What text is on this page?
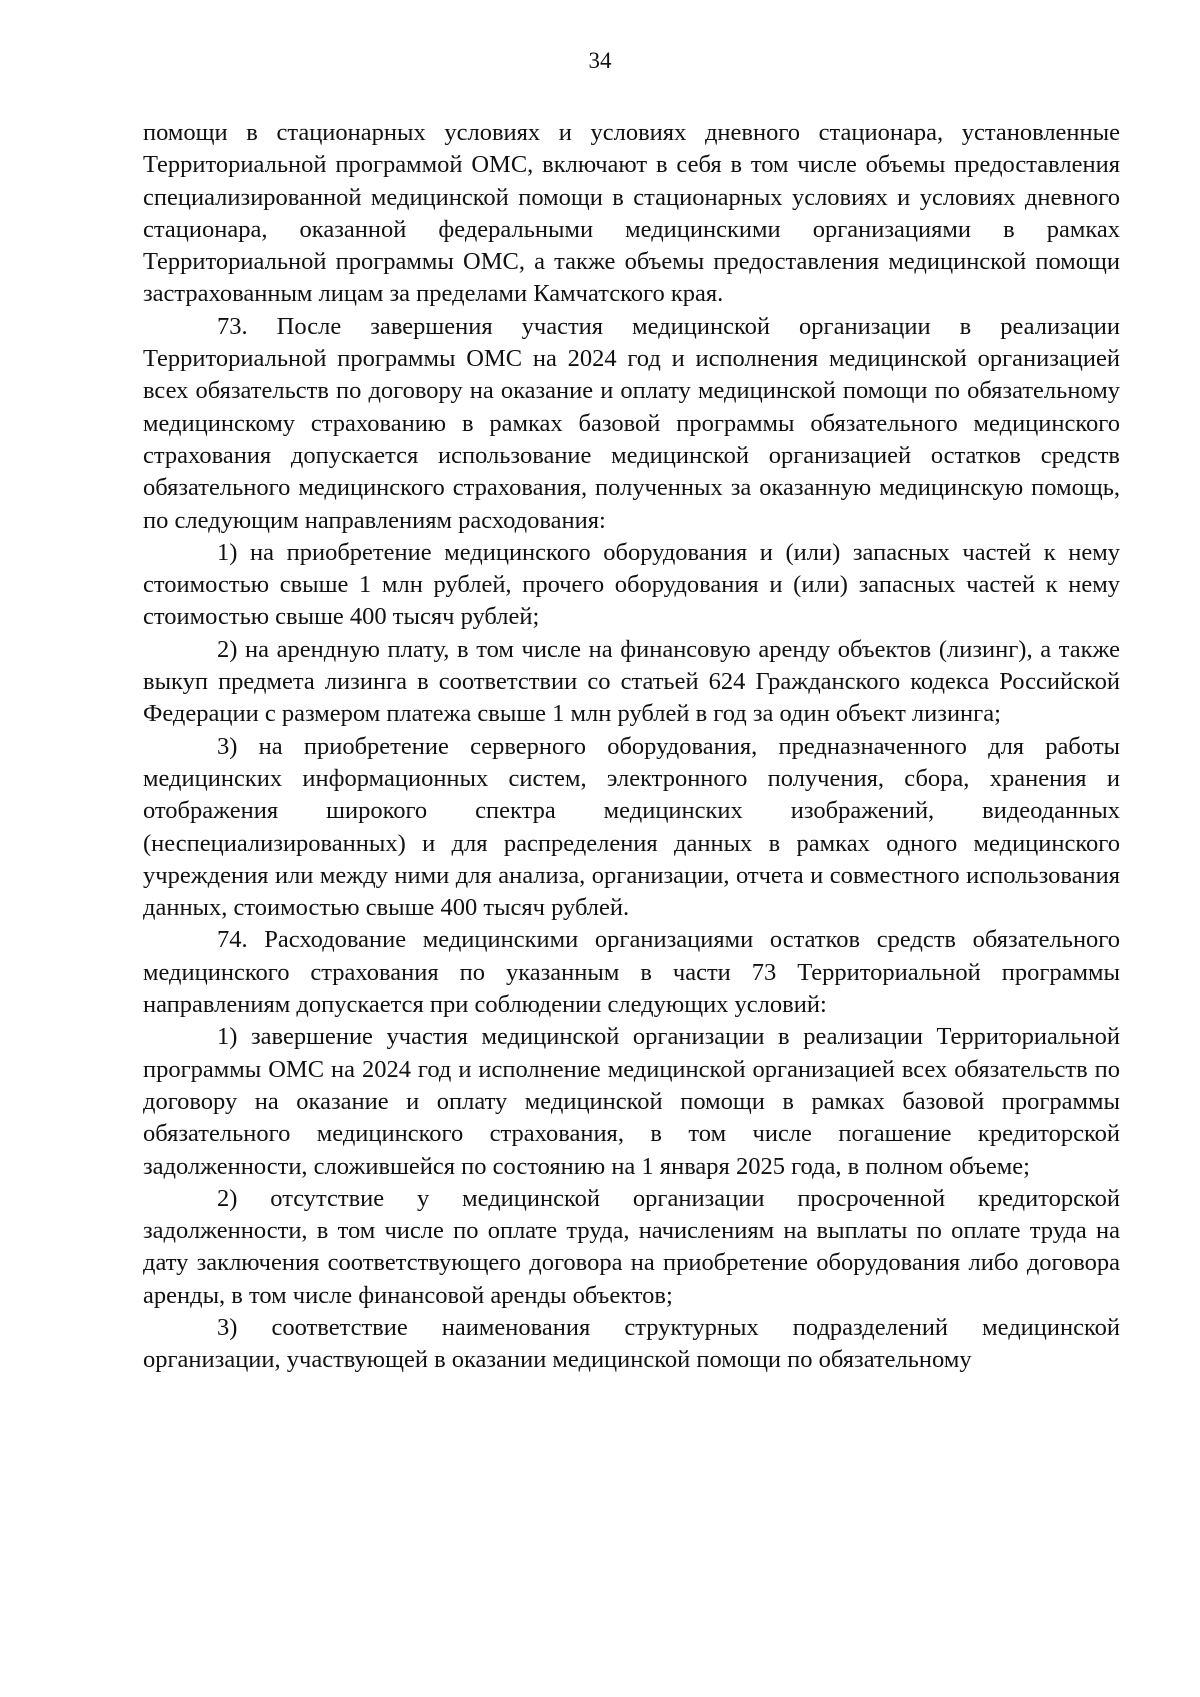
34

помощи в стационарных условиях и условиях дневного стационара, установленные Территориальной программой ОМС, включают в себя в том числе объемы предоставления специализированной медицинской помощи в стационарных условиях и условиях дневного стационара, оказанной федеральными медицинскими организациями в рамках Территориальной программы ОМС, а также объемы предоставления медицинской помощи застрахованным лицам за пределами Камчатского края.

73. После завершения участия медицинской организации в реализации Территориальной программы ОМС на 2024 год и исполнения медицинской организацией всех обязательств по договору на оказание и оплату медицинской помощи по обязательному медицинскому страхованию в рамках базовой программы обязательного медицинского страхования допускается использование медицинской организацией остатков средств обязательного медицинского страхования, полученных за оказанную медицинскую помощь, по следующим направлениям расходования:

1) на приобретение медицинского оборудования и (или) запасных частей к нему стоимостью свыше 1 млн рублей, прочего оборудования и (или) запасных частей к нему стоимостью свыше 400 тысяч рублей;

2) на арендную плату, в том числе на финансовую аренду объектов (лизинг), а также выкуп предмета лизинга в соответствии со статьей 624 Гражданского кодекса Российской Федерации с размером платежа свыше 1 млн рублей в год за один объект лизинга;

3) на приобретение серверного оборудования, предназначенного для работы медицинских информационных систем, электронного получения, сбора, хранения и отображения широкого спектра медицинских изображений, видеоданных (неспециализированных) и для распределения данных в рамках одного медицинского учреждения или между ними для анализа, организации, отчета и совместного использования данных, стоимостью свыше 400 тысяч рублей.

74. Расходование медицинскими организациями остатков средств обязательного медицинского страхования по указанным в части 73 Территориальной программы направлениям допускается при соблюдении следующих условий:

1) завершение участия медицинской организации в реализации Территориальной программы ОМС на 2024 год и исполнение медицинской организацией всех обязательств по договору на оказание и оплату медицинской помощи в рамках базовой программы обязательного медицинского страхования, в том числе погашение кредиторской задолженности, сложившейся по состоянию на 1 января 2025 года, в полном объеме;

2) отсутствие у медицинской организации просроченной кредиторской задолженности, в том числе по оплате труда, начислениям на выплаты по оплате труда на дату заключения соответствующего договора на приобретение оборудования либо договора аренды, в том числе финансовой аренды объектов;

3) соответствие наименования структурных подразделений медицинской организации, участвующей в оказании медицинской помощи по обязательному
